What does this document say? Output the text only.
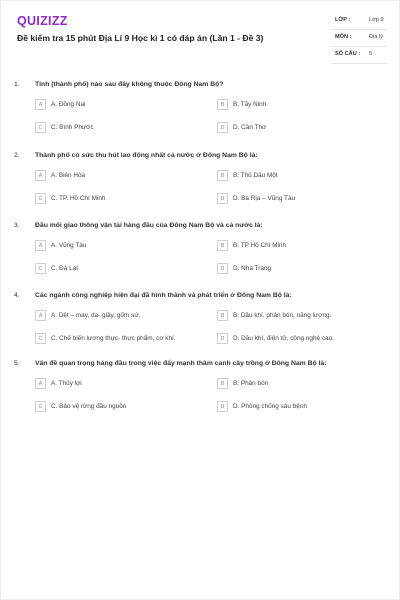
QUIZIZZ
Đề kiểm tra 15 phút Địa Lí 9 Học kì 1 có đáp án (Lần 1 - Đề 3)
LỚP :	Lớp 9
MÔN :	Địa lý
SỐ CÂU : 5
1. Tỉnh (thành phố) nào sau đây không thuộc Đông Nam Bộ?
A	A. Đồng Nai	B	B. Tây Ninh
C	C. Bình Phước	D	D. Cần Thơ
2. Thành phố có sức thu hút lao động nhất cả nước ở Đông Nam Bộ là:
A	A. Biên Hòa	B	B. Thủ Dầu Một
C	C. TP. Hồ Chí Minh	D	D. Bà Rịa – Vũng Tàu
3. Đầu mối giao thông vận tải hàng đầu của Đông Nam Bộ và cả nước là:
A	A. Vũng Tàu	B	B. TP Hồ Chí Minh
C	C. Đà Lạt	D	D. Nha Trang
4. Các ngành công nghiệp hiện đại đã hình thành và phát triển ở Đông Nam Bộ là:
A	A. Dệt – may, da- giầy, gốm sứ.	B	B. Dầu khí, phân bón, năng lượng.
C	C. Chế biến lương thực- thực phẩm, cơ khí.	D	D. Dầu khí, điện tử, công nghệ cao.
5. Vấn đề quan trọng hàng đầu trong việc đẩy mạnh thâm canh cây trồng ở Đông Nam Bộ là:
A	A. Thủy lợi	B	B. Phân bón
C	C. Bảo vệ rừng đầu nguồn	D	D. Phòng chống sâu bệnh
